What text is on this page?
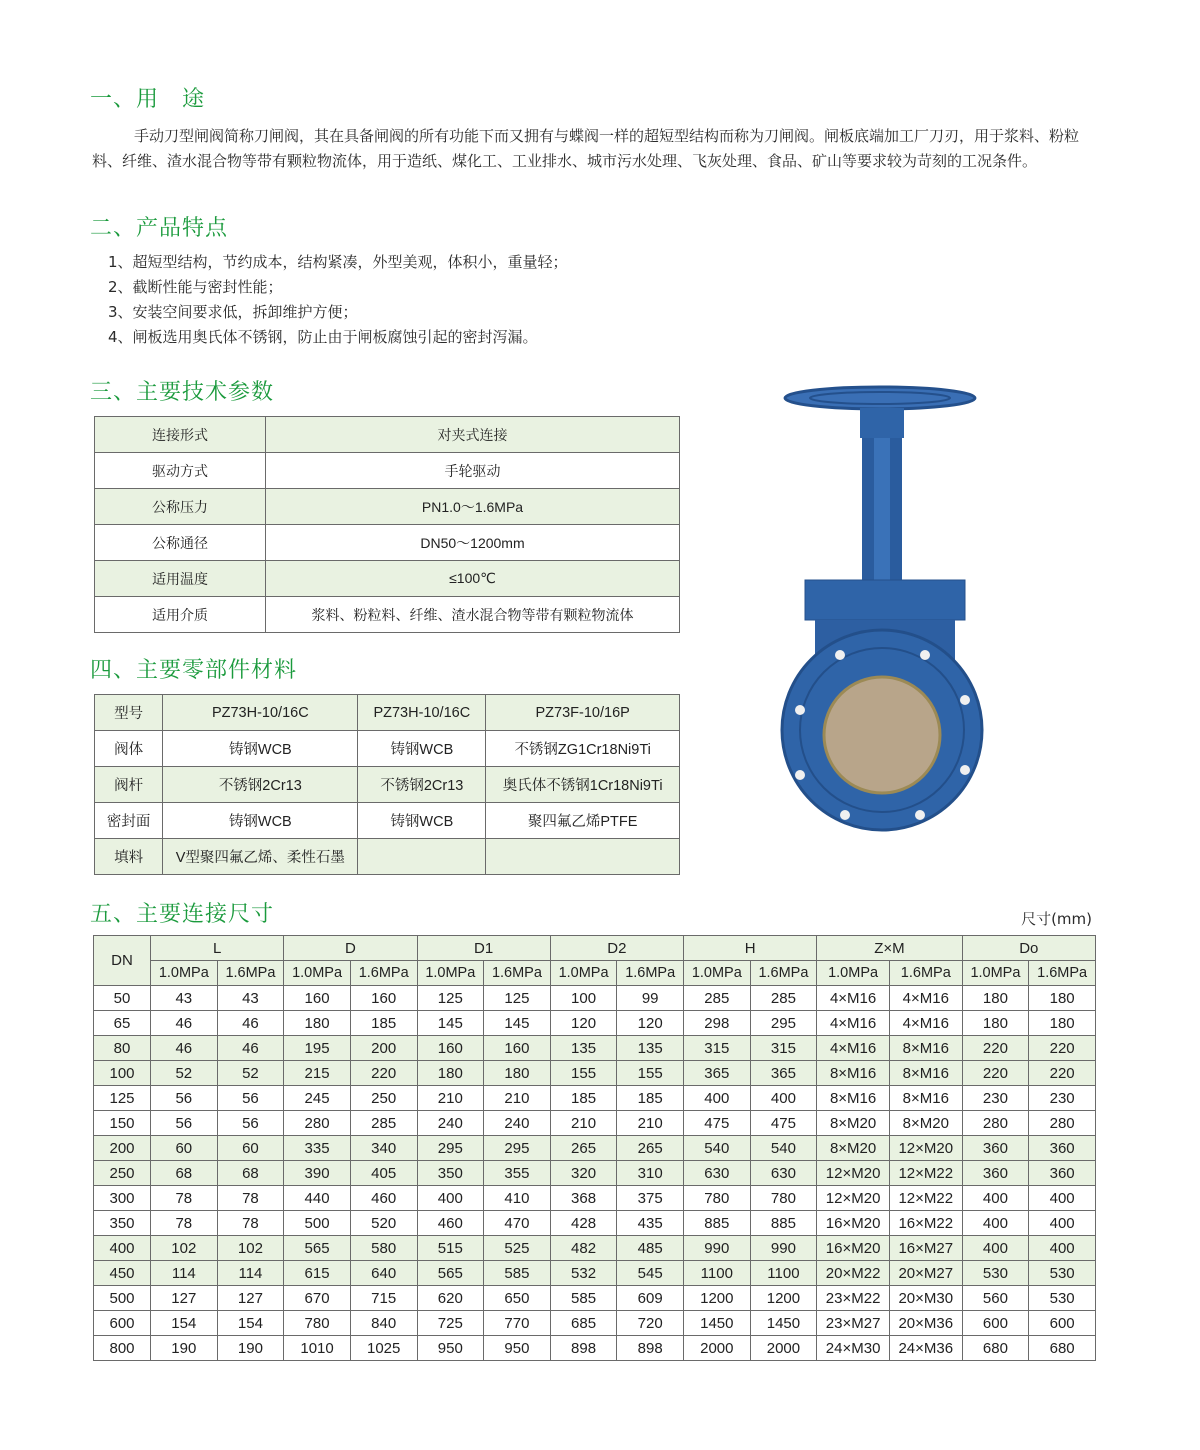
一、用　途

手动刀型闸阀简称刀闸阀，其在具备闸阀的所有功能下而又拥有与蝶阀一样的超短型结构而称为刀闸阀。闸板底端加工厂刀刃，用于浆料、粉粒料、纤维、渣水混合物等带有颗粒物流体，用于造纸、煤化工、工业排水、城市污水处理、飞灰处理、食品、矿山等要求较为苛刻的工况条件。

二、产品特点
1、超短型结构，节约成本，结构紧凑，外型美观，体积小，重量轻；
2、截断性能与密封性能；
3、安装空间要求低，拆卸维护方便；
4、闸板选用奥氏体不锈钢，防止由于闸板腐蚀引起的密封泻漏。
三、主要技术参数
连接形式	对夹式连接
驱动方式	手轮驱动
公称压力	PN1.0～1.6MPa
公称通径	DN50～1200mm
适用温度	≤100℃
适用介质	浆料、粉粒料、纤维、渣水混合物等带有颗粒物流体
四、主要零部件材料
型号	PZ73H-10/16C	PZ73H-10/16C	PZ73F-10/16P
阀体	铸钢WCB	铸钢WCB	不锈钢ZG1Cr18Ni9Ti
阀杆	不锈钢2Cr13	不锈钢2Cr13	奥氏体不锈钢1Cr18Ni9Ti
密封面	铸钢WCB	铸钢WCB	聚四氟乙烯PTFE
填料	V型聚四氟乙烯、柔性石墨		
五、主要连接尺寸	尺寸(mm)
DN	L		D		D1		D2		H		Z×M		Do	
	1.0MPa	1.6MPa	1.0MPa	1.6MPa	1.0MPa	1.6MPa	1.0MPa	1.6MPa	1.0MPa	1.6MPa	1.0MPa	1.6MPa	1.0MPa	1.6MPa
50	43	43	160	160	125	125	100	99	285	285	4×M16	4×M16	180	180
65	46	46	180	185	145	145	120	120	298	295	4×M16	4×M16	180	180
80	46	46	195	200	160	160	135	135	315	315	4×M16	8×M16	220	220
100	52	52	215	220	180	180	155	155	365	365	8×M16	8×M16	220	220
125	56	56	245	250	210	210	185	185	400	400	8×M16	8×M16	230	230
150	56	56	280	285	240	240	210	210	475	475	8×M20	8×M20	280	280
200	60	60	335	340	295	295	265	265	540	540	8×M20	12×M20	360	360
250	68	68	390	405	350	355	320	310	630	630	12×M20	12×M22	360	360
300	78	78	440	460	400	410	368	375	780	780	12×M20	12×M22	400	400
350	78	78	500	520	460	470	428	435	885	885	16×M20	16×M22	400	400
400	102	102	565	580	515	525	482	485	990	990	16×M20	16×M27	400	400
450	114	114	615	640	565	585	532	545	1100	1100	20×M22	20×M27	530	530
500	127	127	670	715	620	650	585	609	1200	1200	23×M22	20×M30	560	530
600	154	154	780	840	725	770	685	720	1450	1450	23×M27	20×M36	600	600
800	190	190	1010	1025	950	950	898	898	2000	2000	24×M30	24×M36	680	680
